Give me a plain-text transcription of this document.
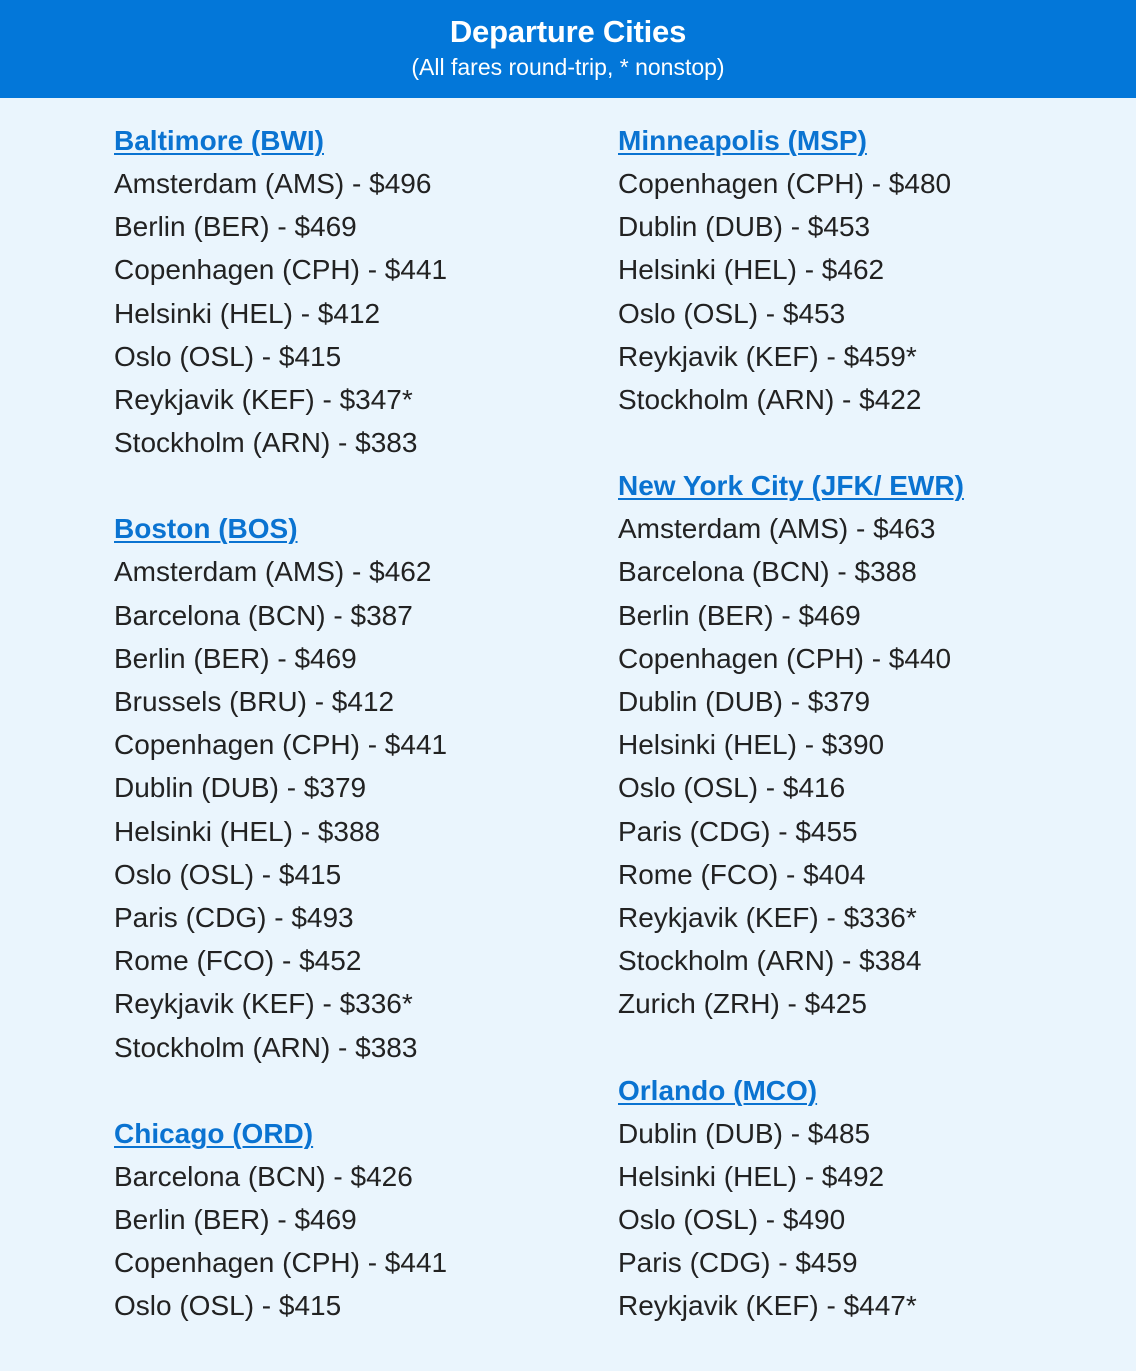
Departure Cities
(All fares round-trip, * nonstop)
Baltimore (BWI)
Amsterdam (AMS) - $496
Berlin (BER) - $469
Copenhagen (CPH) - $441
Helsinki (HEL) - $412
Oslo (OSL) - $415
Reykjavik (KEF) - $347*
Stockholm (ARN) - $383
Boston (BOS)
Amsterdam (AMS) - $462
Barcelona (BCN) - $387
Berlin (BER) - $469
Brussels (BRU) - $412
Copenhagen (CPH) - $441
Dublin (DUB) - $379
Helsinki (HEL) - $388
Oslo (OSL) - $415
Paris (CDG) - $493
Rome (FCO) - $452
Reykjavik (KEF) - $336*
Stockholm (ARN) - $383
Chicago (ORD)
Barcelona (BCN) - $426
Berlin (BER) - $469
Copenhagen (CPH) - $441
Oslo (OSL) - $415
Minneapolis (MSP)
Copenhagen (CPH) - $480
Dublin (DUB) - $453
Helsinki (HEL) - $462
Oslo (OSL) - $453
Reykjavik (KEF) - $459*
Stockholm (ARN) - $422
New York City (JFK/ EWR)
Amsterdam (AMS) - $463
Barcelona (BCN) - $388
Berlin (BER) - $469
Copenhagen (CPH) - $440
Dublin (DUB) - $379
Helsinki (HEL) - $390
Oslo (OSL) - $416
Paris (CDG) - $455
Rome (FCO) - $404
Reykjavik (KEF) - $336*
Stockholm (ARN) - $384
Zurich (ZRH) - $425
Orlando (MCO)
Dublin (DUB) - $485
Helsinki (HEL) - $492
Oslo (OSL) - $490
Paris (CDG) - $459
Reykjavik (KEF) - $447*
